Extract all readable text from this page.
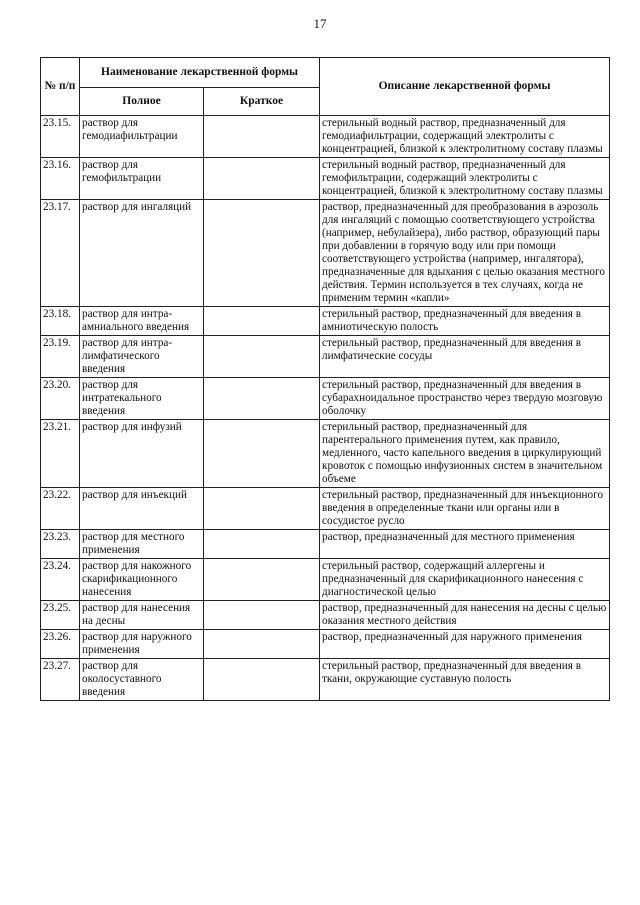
17
№ п/п	Наименование лекарственной формы		Описание лекарственной формы
	Полное	Краткое	
23.15.	раствор для гемодиафильтрации		стерильный водный раствор, предназначенный для гемодиафильтрации, содержащий электролиты с концентрацией, близкой к электролитному составу плазмы
23.16.	раствор для гемофильтрации		стерильный водный раствор, предназначенный для гемофильтрации, содержащий электролиты с концентрацией, близкой к электролитному составу плазмы
23.17.	раствор для ингаляций		раствор, предназначенный для преобразования в аэрозоль для ингаляций с помощью соответствующего устройства (например, небулайзера), либо раствор, образующий пары при добавлении в горячую воду или при помощи соответствующего устройства (например, ингалятора), предназначенные для вдыхания с целью оказания местного действия. Термин используется в тех случаях, когда не применим термин «капли»
23.18.	раствор для интра-амниального введения		стерильный раствор, предназначенный для введения в амниотическую полость
23.19.	раствор для интра-лимфатического введения		стерильный раствор, предназначенный для введения в лимфатические сосуды
23.20.	раствор для интратекального введения		стерильный раствор, предназначенный для введения в субарахноидальное пространство через твердую мозговую оболочку
23.21.	раствор для инфузий		стерильный раствор, предназначенный для парентерального применения путем, как правило, медленного, часто капельного введения в циркулирующий кровоток с помощью инфузионных систем в значительном объеме
23.22.	раствор для инъекций		стерильный раствор, предназначенный для инъекционного введения в определенные ткани или органы или в сосудистое русло
23.23.	раствор для местного применения		раствор, предназначенный для местного применения
23.24.	раствор для накожного скарификационного нанесения		стерильный раствор, содержащий аллергены и предназначенный для скарификационного нанесения с диагностической целью
23.25.	раствор для нанесения на десны		раствор, предназначенный для нанесения на десны с целью оказания местного действия
23.26.	раствор для наружного применения		раствор, предназначенный для наружного применения
23.27.	раствор для околосуставного введения		стерильный раствор, предназначенный для введения в ткани, окружающие суставную полость
